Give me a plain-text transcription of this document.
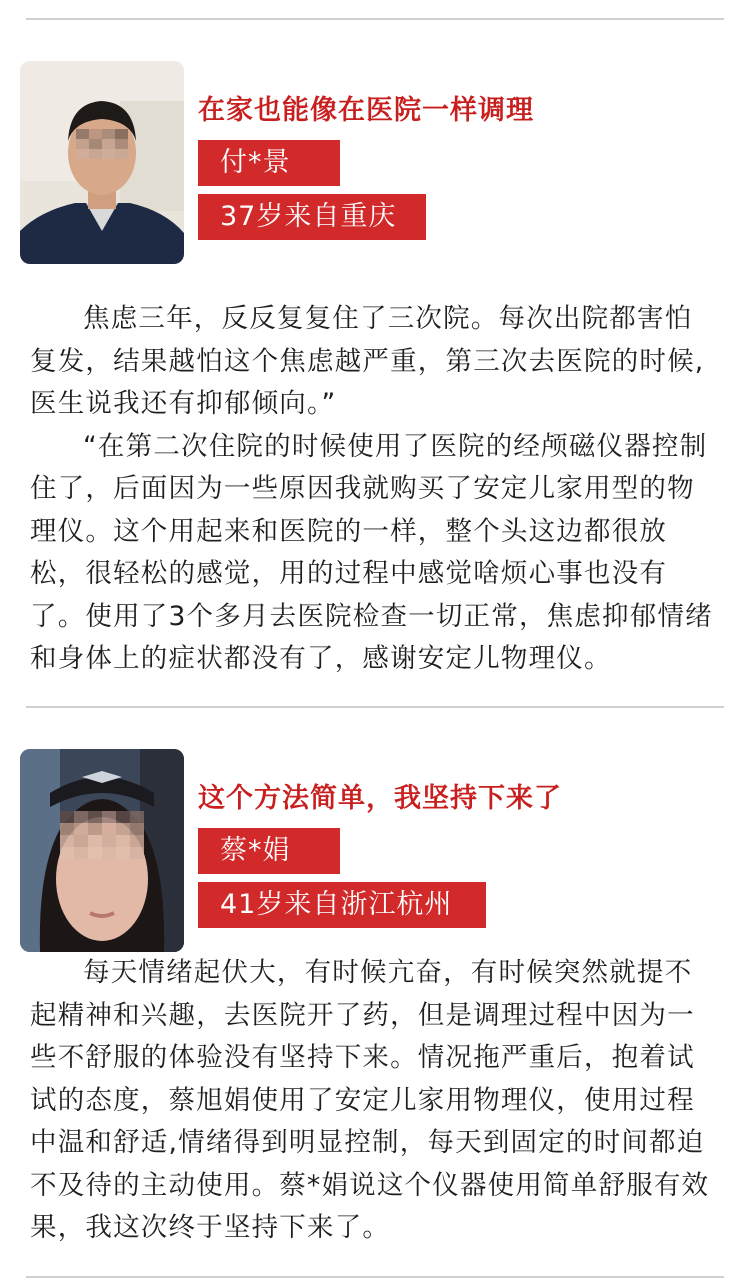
在家也能像在医院一样调理
付*景
37岁来自重庆

焦虑三年，反反复复住了三次院。每次出院都害怕复发，结果越怕这个焦虑越严重，第三次去医院的时候,医生说我还有抑郁倾向。”

“在第二次住院的时候使用了医院的经颅磁仪器控制住了，后面因为一些原因我就购买了安定儿家用型的物理仪。这个用起来和医院的一样，整个头这边都很放松，很轻松的感觉，用的过程中感觉啥烦心事也没有了。使用了3个多月去医院检查一切正常，焦虑抑郁情绪和身体上的症状都没有了，感谢安定儿物理仪。

这个方法简单，我坚持下来了
蔡*娟
41岁来自浙江杭州

每天情绪起伏大，有时候亢奋，有时候突然就提不起精神和兴趣，去医院开了药，但是调理过程中因为一些不舒服的体验没有坚持下来。情况拖严重后，抱着试试的态度，蔡旭娟使用了安定儿家用物理仪，使用过程中温和舒适,情绪得到明显控制，每天到固定的时间都迫不及待的主动使用。蔡*娟说这个仪器使用简单舒服有效果，我这次终于坚持下来了。
